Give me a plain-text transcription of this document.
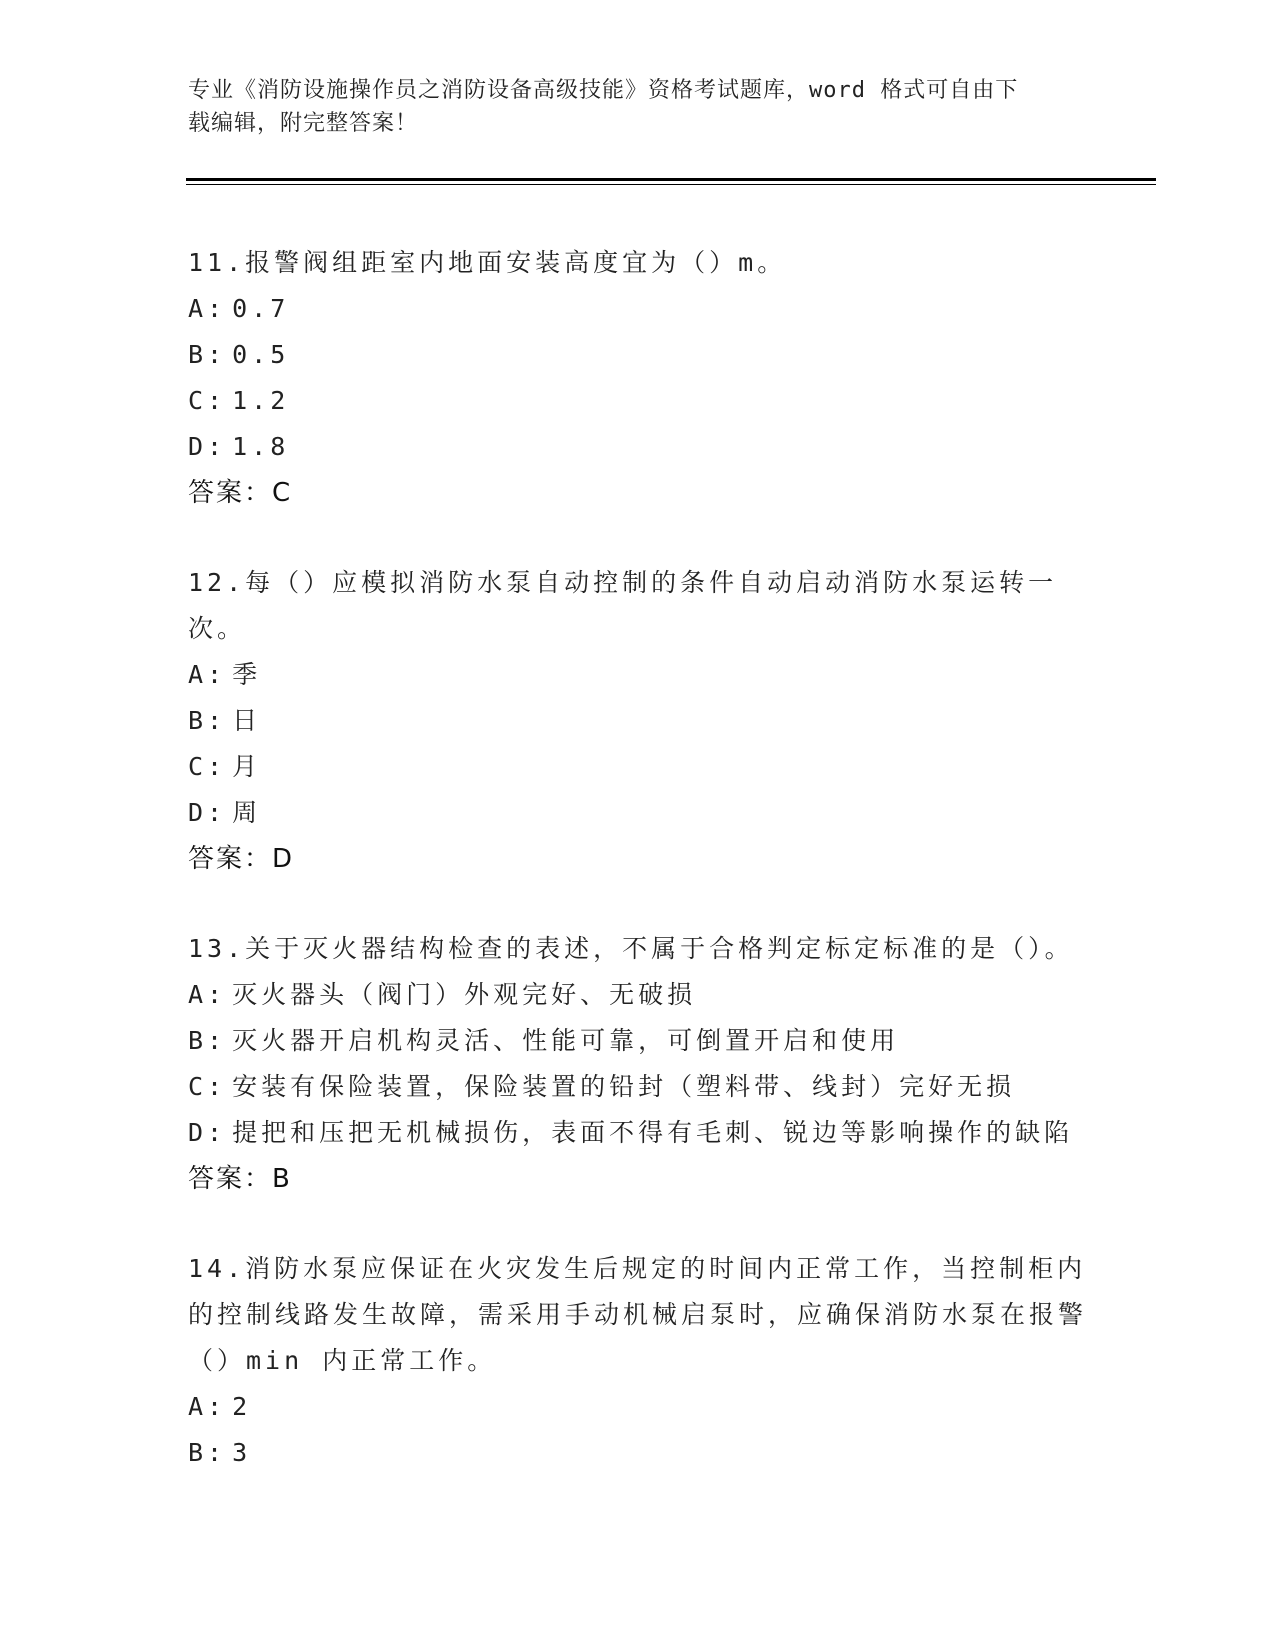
专业《消防设施操作员之消防设备高级技能》资格考试题库，word 格式可自由下
载编辑，附完整答案！
11.报警阀组距室内地面安装高度宜为（）m。
A: 0.7
B: 0.5
C: 1.2
D: 1.8
答案：C
12.每（）应模拟消防水泵自动控制的条件自动启动消防水泵运转一次。
A: 季
B: 日
C: 月
D: 周
答案：D
13.关于灭火器结构检查的表述，不属于合格判定标定标准的是（）。
A: 灭火器头（阀门）外观完好、无破损
B: 灭火器开启机构灵活、性能可靠，可倒置开启和使用
C: 安装有保险装置，保险装置的铅封（塑料带、线封）完好无损
D: 提把和压把无机械损伤，表面不得有毛刺、锐边等影响操作的缺陷
答案：B
14.消防水泵应保证在火灾发生后规定的时间内正常工作，当控制柜内的控制线路发生故障，需采用手动机械启泵时，应确保消防水泵在报警（）min 内正常工作。
A: 2
B: 3
